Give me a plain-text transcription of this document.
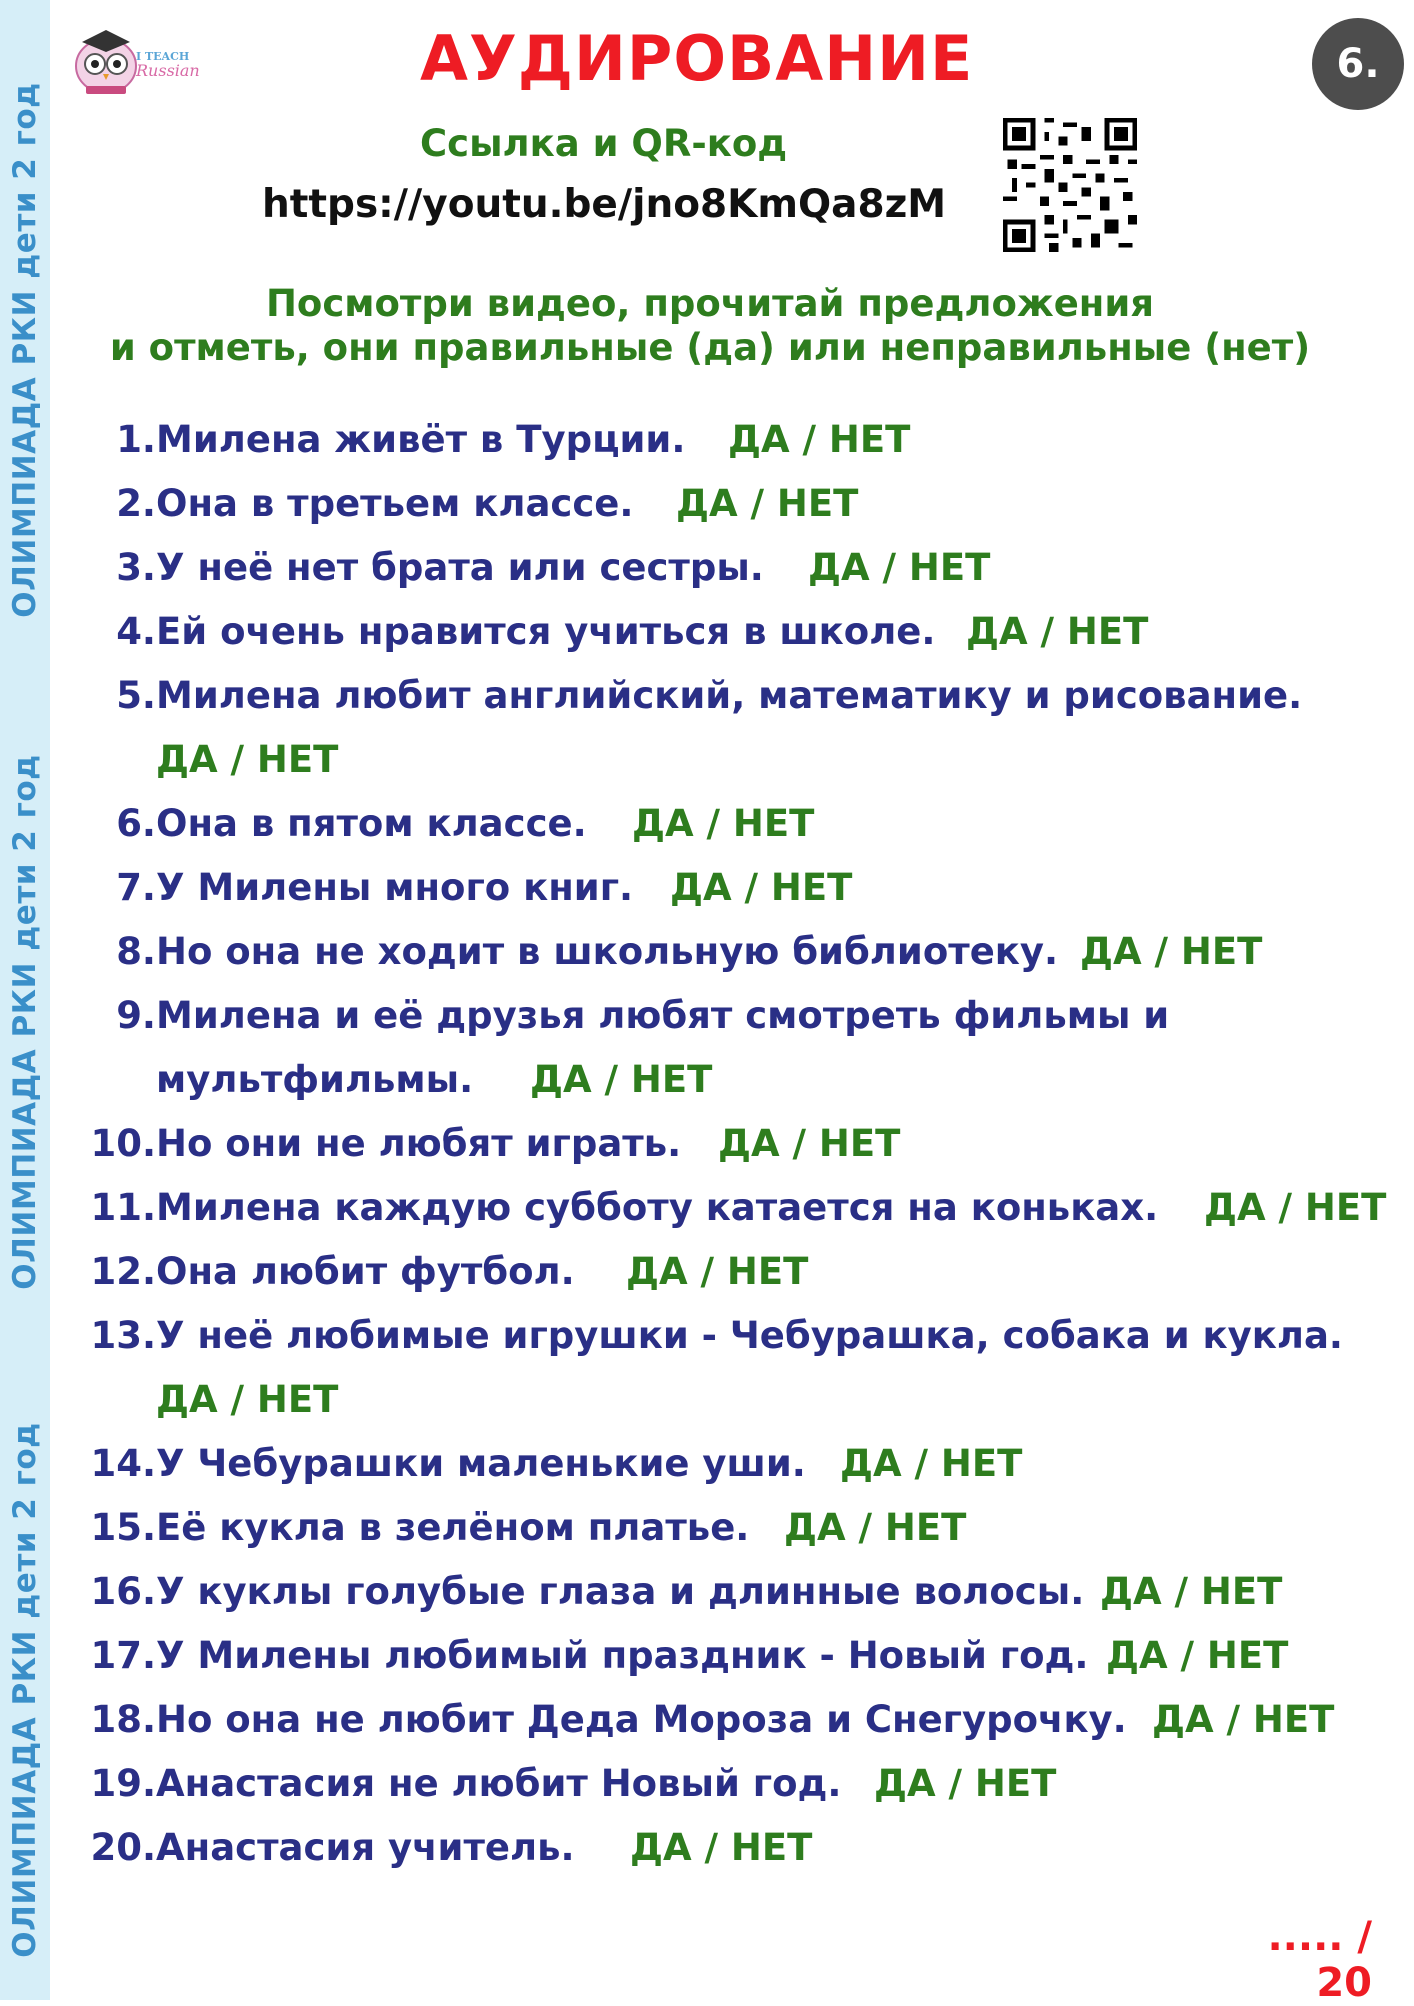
ОЛИМПИАДА РКИ дети 2 год
ОЛИМПИАДА РКИ дети 2 год
ОЛИМПИАДА РКИ дети 2 год
I TEACH
Russian	АУДИРОВАНИЕ	6.
Ссылка и QR-код
https://youtu.be/jno8KmQa8zM
Посмотри видео, прочитай предложения
и отметь, они правильные (да) или неправильные (нет)
1. Милена живёт в Турции. ДА / НЕТ
2. Она в третьем классе. ДА / НЕТ
3. У неё нет брата или сестры. ДА / НЕТ
4. Ей очень нравится учиться в школе. ДА / НЕТ
5. Милена любит английский, математику и рисование.
ДА / НЕТ
6. Она в пятом классе. ДА / НЕТ
7. У Милены много книг. ДА / НЕТ
8. Но она не ходит в школьную библиотеку. ДА / НЕТ
9. Милена и её друзья любят смотреть фильмы и
мультфильмы. ДА / НЕТ
10. Но они не любят играть. ДА / НЕТ
11. Милена каждую субботу катается на коньках. ДА / НЕТ
12. Она любит футбол. ДА / НЕТ
13. У неё любимые игрушки - Чебурашка, собака и кукла.
ДА / НЕТ
14. У Чебурашки маленькие уши. ДА / НЕТ
15. Её кукла в зелёном платье. ДА / НЕТ
16. У куклы голубые глаза и длинные волосы. ДА / НЕТ
17. У Милены любимый праздник - Новый год. ДА / НЕТ
18. Но она не любит Деда Мороза и Снегурочку. ДА / НЕТ
19. Анастасия не любит Новый год. ДА / НЕТ
20. Анастасия учитель. ДА / НЕТ
..... / 20
